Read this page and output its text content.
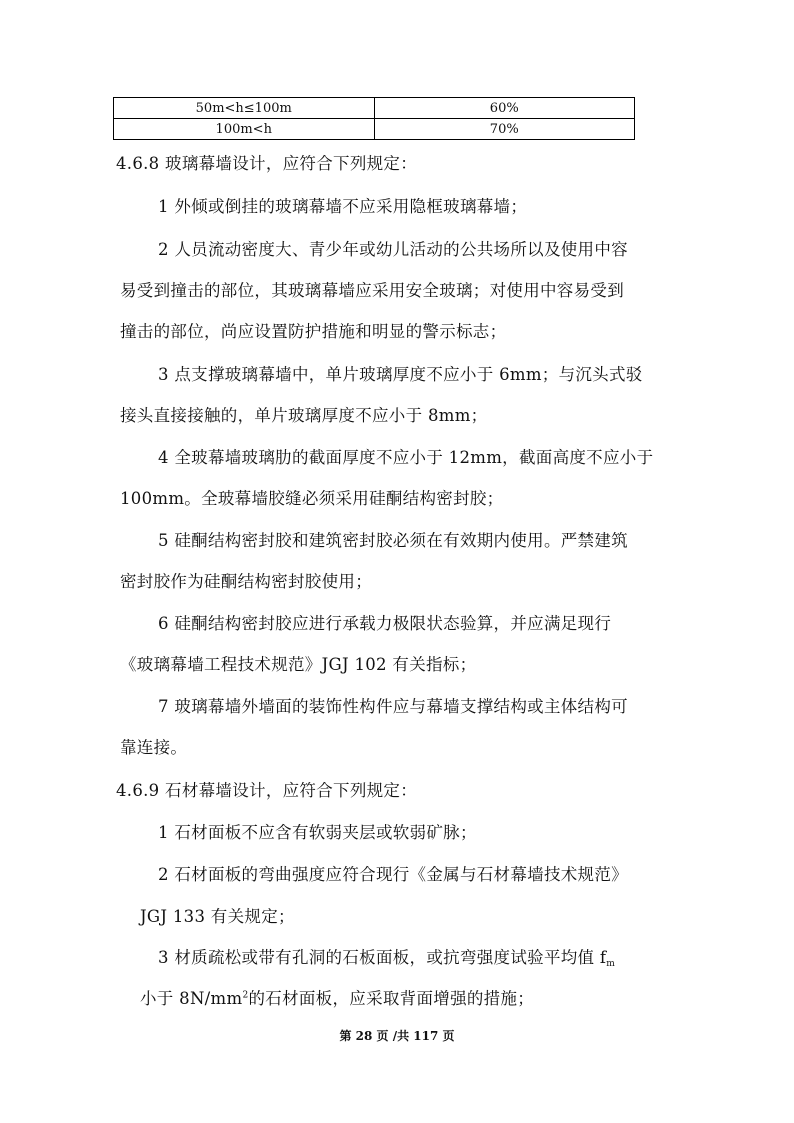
50m<h≤100m	60%
100m<h	70%
4.6.8 玻璃幕墙设计，应符合下列规定：
1 外倾或倒挂的玻璃幕墙不应采用隐框玻璃幕墙；
2 人员流动密度大、青少年或幼儿活动的公共场所以及使用中容
易受到撞击的部位，其玻璃幕墙应采用安全玻璃；对使用中容易受到
撞击的部位，尚应设置防护措施和明显的警示标志；
3 点支撑玻璃幕墙中，单片玻璃厚度不应小于 6mm；与沉头式驳
接头直接接触的，单片玻璃厚度不应小于 8mm；
4 全玻幕墙玻璃肋的截面厚度不应小于 12mm，截面高度不应小于
100mm。全玻幕墙胶缝必须采用硅酮结构密封胶；
5 硅酮结构密封胶和建筑密封胶必须在有效期内使用。严禁建筑
密封胶作为硅酮结构密封胶使用；
6 硅酮结构密封胶应进行承载力极限状态验算，并应满足现行
《玻璃幕墙工程技术规范》JGJ 102 有关指标；
7 玻璃幕墙外墙面的装饰性构件应与幕墙支撑结构或主体结构可
靠连接。
4.6.9 石材幕墙设计，应符合下列规定：
1 石材面板不应含有软弱夹层或软弱矿脉；
2 石材面板的弯曲强度应符合现行《金属与石材幕墙技术规范》
JGJ 133 有关规定；
3 材质疏松或带有孔洞的石板面板，或抗弯强度试验平均值 $f_m$
小于 $8N/mm^2$的石材面板，应采取背面增强的措施；
第 28 页 /共 117 页
